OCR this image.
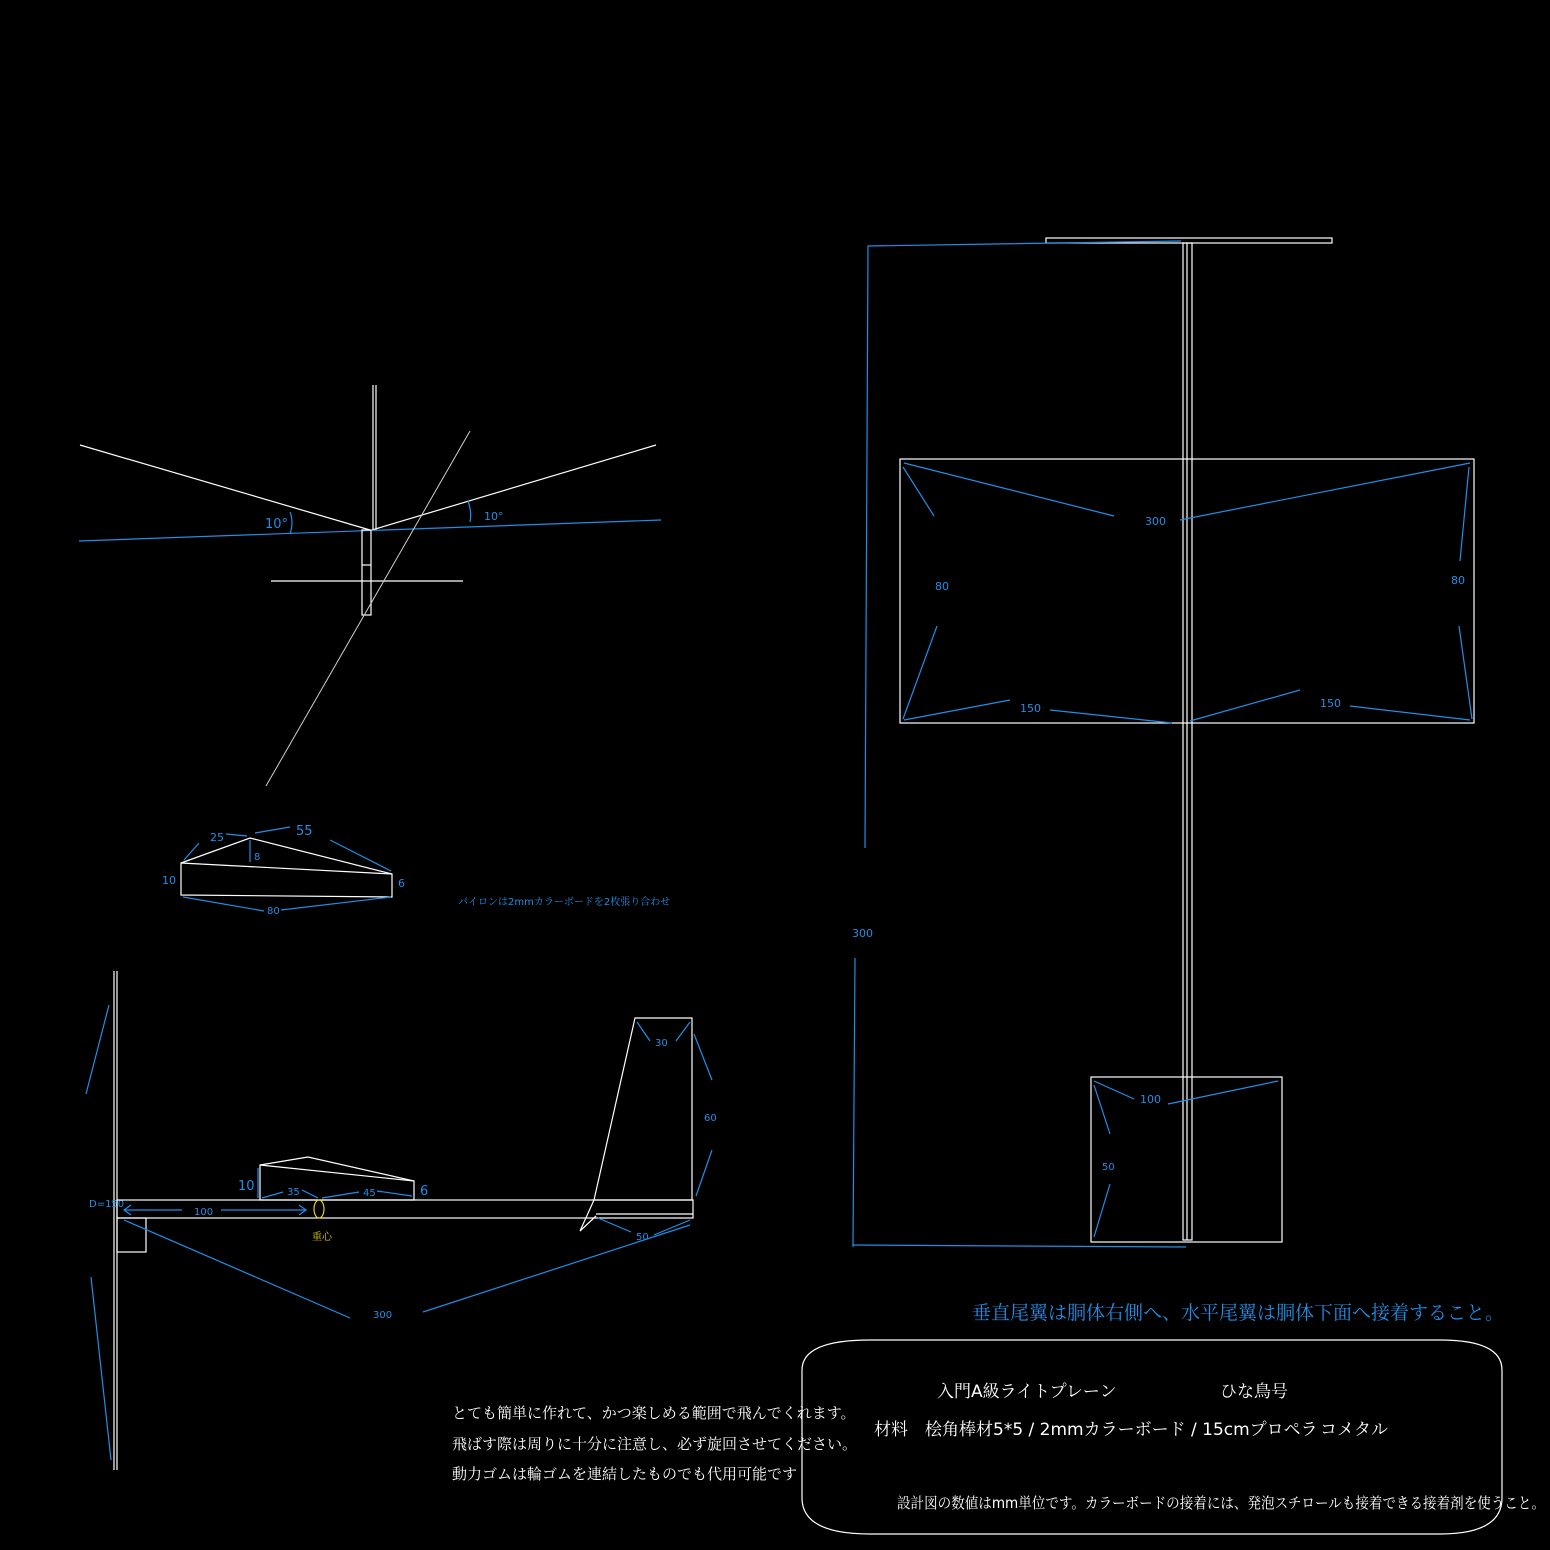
10°
10°
25	55
8
10	6
80
パイロンは2mmカラーボードを2枚張り合わせ
D=150
10	35	45	6
重心
100
30
60
50
300
300
80	80
150	150
100
50
300
垂直尾翼は胴体右側へ、水平尾翼は胴体下面へ接着すること。
とても簡単に作れて、かつ楽しめる範囲で飛んでくれます。
飛ばす際は周りに十分に注意し、必ず旋回させてください。
動力ゴムは輪ゴムを連結したものでも代用可能です
入門A級ライトプレーン	ひな鳥号
材料　桧角棒材5*5 / 2mmカラーボード / 15cmプロペラ コメタル
設計図の数値はmm単位です。カラーボードの接着には、発泡スチロールも接着できる接着剤を使うこと。
